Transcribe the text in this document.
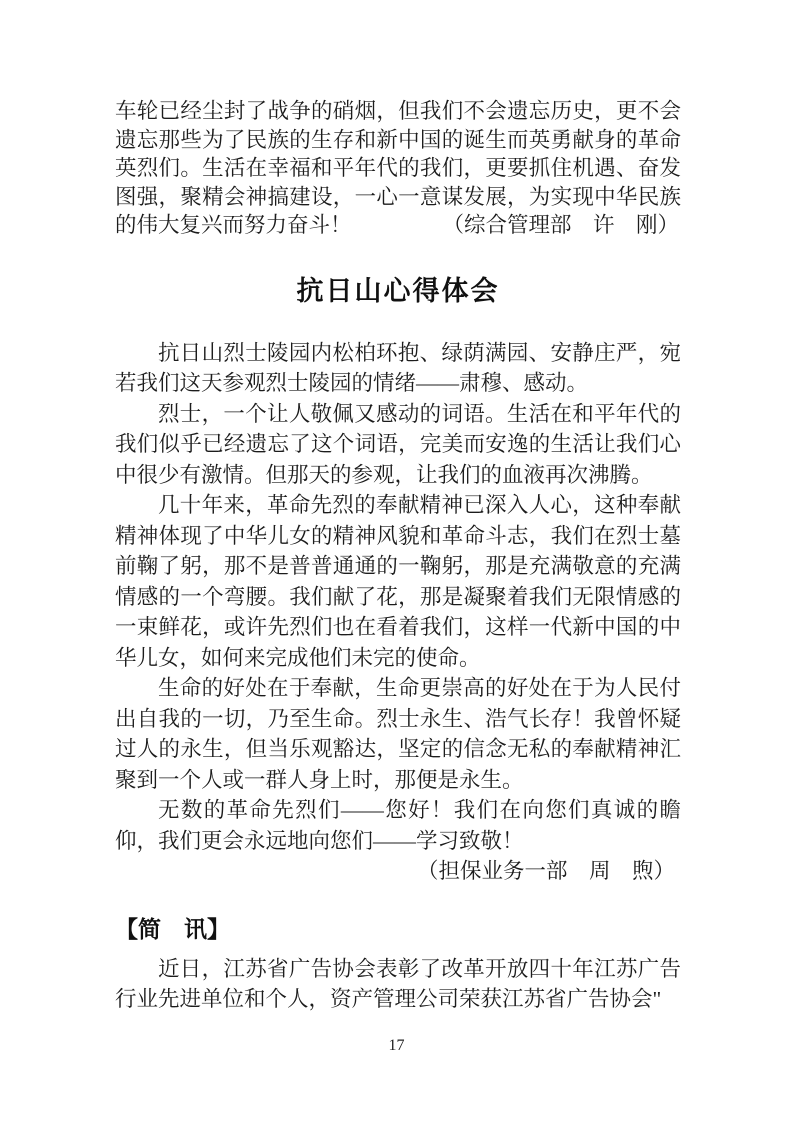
车轮已经尘封了战争的硝烟，但我们不会遗忘历史，更不会遗忘那些为了民族的生存和新中国的诞生而英勇献身的革命英烈们。生活在幸福和平年代的我们，更要抓住机遇、奋发图强，聚精会神搞建设，一心一意谋发展，为实现中华民族的伟大复兴而努力奋斗！	（综合管理部　许　刚）

抗日山心得体会

抗日山烈士陵园内松柏环抱、绿荫满园、安静庄严，宛若我们这天参观烈士陵园的情绪——肃穆、感动。

烈士，一个让人敬佩又感动的词语。生活在和平年代的我们似乎已经遗忘了这个词语，完美而安逸的生活让我们心中很少有激情。但那天的参观，让我们的血液再次沸腾。

几十年来，革命先烈的奉献精神已深入人心，这种奉献精神体现了中华儿女的精神风貌和革命斗志，我们在烈士墓前鞠了躬，那不是普普通通的一鞠躬，那是充满敬意的充满情感的一个弯腰。我们献了花，那是凝聚着我们无限情感的一束鲜花，或许先烈们也在看着我们，这样一代新中国的中华儿女，如何来完成他们未完的使命。

生命的好处在于奉献，生命更崇高的好处在于为人民付出自我的一切，乃至生命。烈士永生、浩气长存！我曾怀疑过人的永生，但当乐观豁达，坚定的信念无私的奉献精神汇聚到一个人或一群人身上时，那便是永生。

无数的革命先烈们——您好！我们在向您们真诚的瞻仰，我们更会永远地向您们——学习致敬！

（担保业务一部　周　煦）

【简　讯】

近日，江苏省广告协会表彰了改革开放四十年江苏广告行业先进单位和个人，资产管理公司荣获江苏省广告协会"

17
